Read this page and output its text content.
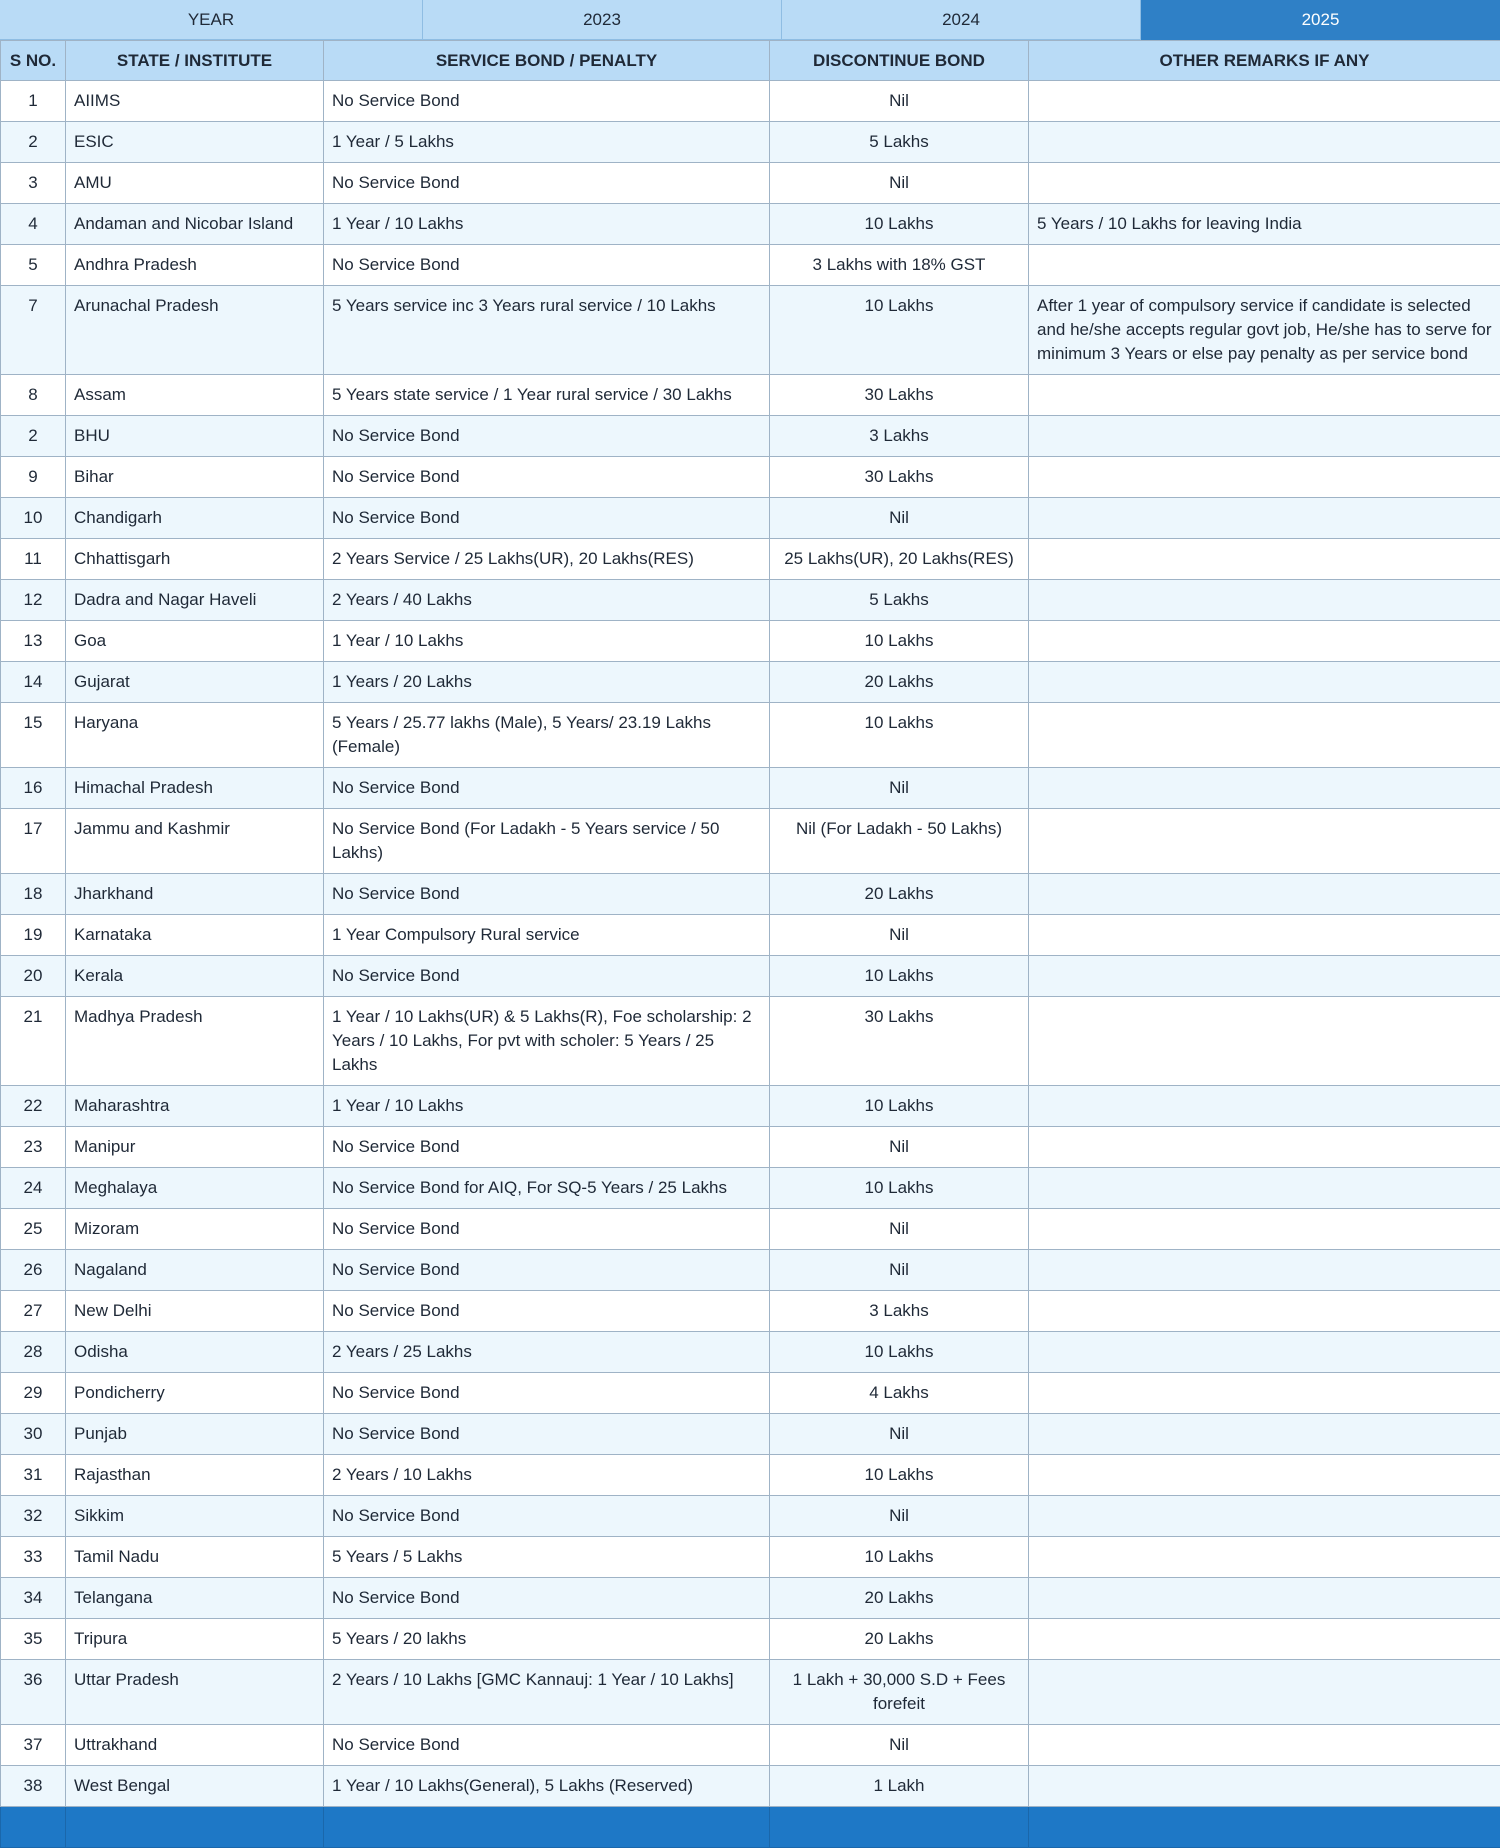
YEAR	2023	2024	2025
S NO.	STATE / INSTITUTE	SERVICE BOND / PENALTY	DISCONTINUE BOND	OTHER REMARKS IF ANY
1	AIIMS	No Service Bond	Nil	
2	ESIC	1 Year / 5 Lakhs	5 Lakhs	
3	AMU	No Service Bond	Nil	
4	Andaman and Nicobar Island	1 Year / 10 Lakhs	10 Lakhs	5 Years / 10 Lakhs for leaving India
5	Andhra Pradesh	No Service Bond	3 Lakhs with 18% GST	
7	Arunachal Pradesh	5 Years service inc 3 Years rural service / 10 Lakhs	10 Lakhs	After 1 year of compulsory service if candidate is selected and he/she accepts regular govt job, He/she has to serve for minimum 3 Years or else pay penalty as per service bond
8	Assam	5 Years state service / 1 Year rural service / 30 Lakhs	30 Lakhs	
2	BHU	No Service Bond	3 Lakhs	
9	Bihar	No Service Bond	30 Lakhs	
10	Chandigarh	No Service Bond	Nil	
11	Chhattisgarh	2 Years Service / 25 Lakhs(UR), 20 Lakhs(RES)	25 Lakhs(UR), 20 Lakhs(RES)	
12	Dadra and Nagar Haveli	2 Years / 40 Lakhs	5 Lakhs	
13	Goa	1 Year / 10 Lakhs	10 Lakhs	
14	Gujarat	1 Years / 20 Lakhs	20 Lakhs	
15	Haryana	5 Years / 25.77 lakhs (Male), 5 Years/ 23.19 Lakhs (Female)	10 Lakhs	
16	Himachal Pradesh	No Service Bond	Nil	
17	Jammu and Kashmir	No Service Bond (For Ladakh - 5 Years service / 50 Lakhs)	Nil (For Ladakh - 50 Lakhs)	
18	Jharkhand	No Service Bond	20 Lakhs	
19	Karnataka	1 Year Compulsory Rural service	Nil	
20	Kerala	No Service Bond	10 Lakhs	
21	Madhya Pradesh	1 Year / 10 Lakhs(UR) & 5 Lakhs(R), Foe scholarship: 2 Years / 10 Lakhs, For pvt with scholer: 5 Years / 25 Lakhs	30 Lakhs	
22	Maharashtra	1 Year / 10 Lakhs	10 Lakhs	
23	Manipur	No Service Bond	Nil	
24	Meghalaya	No Service Bond for AIQ, For SQ-5 Years / 25 Lakhs	10 Lakhs	
25	Mizoram	No Service Bond	Nil	
26	Nagaland	No Service Bond	Nil	
27	New Delhi	No Service Bond	3 Lakhs	
28	Odisha	2 Years / 25 Lakhs	10 Lakhs	
29	Pondicherry	No Service Bond	4 Lakhs	
30	Punjab	No Service Bond	Nil	
31	Rajasthan	2 Years / 10 Lakhs	10 Lakhs	
32	Sikkim	No Service Bond	Nil	
33	Tamil Nadu	5 Years / 5 Lakhs	10 Lakhs	
34	Telangana	No Service Bond	20 Lakhs	
35	Tripura	5 Years / 20 lakhs	20 Lakhs	
36	Uttar Pradesh	2 Years / 10 Lakhs [GMC Kannauj: 1 Year / 10 Lakhs]	1 Lakh + 30,000 S.D + Fees forefeit	
37	Uttrakhand	No Service Bond	Nil	
38	West Bengal	1 Year / 10 Lakhs(General), 5 Lakhs (Reserved)	1 Lakh	
